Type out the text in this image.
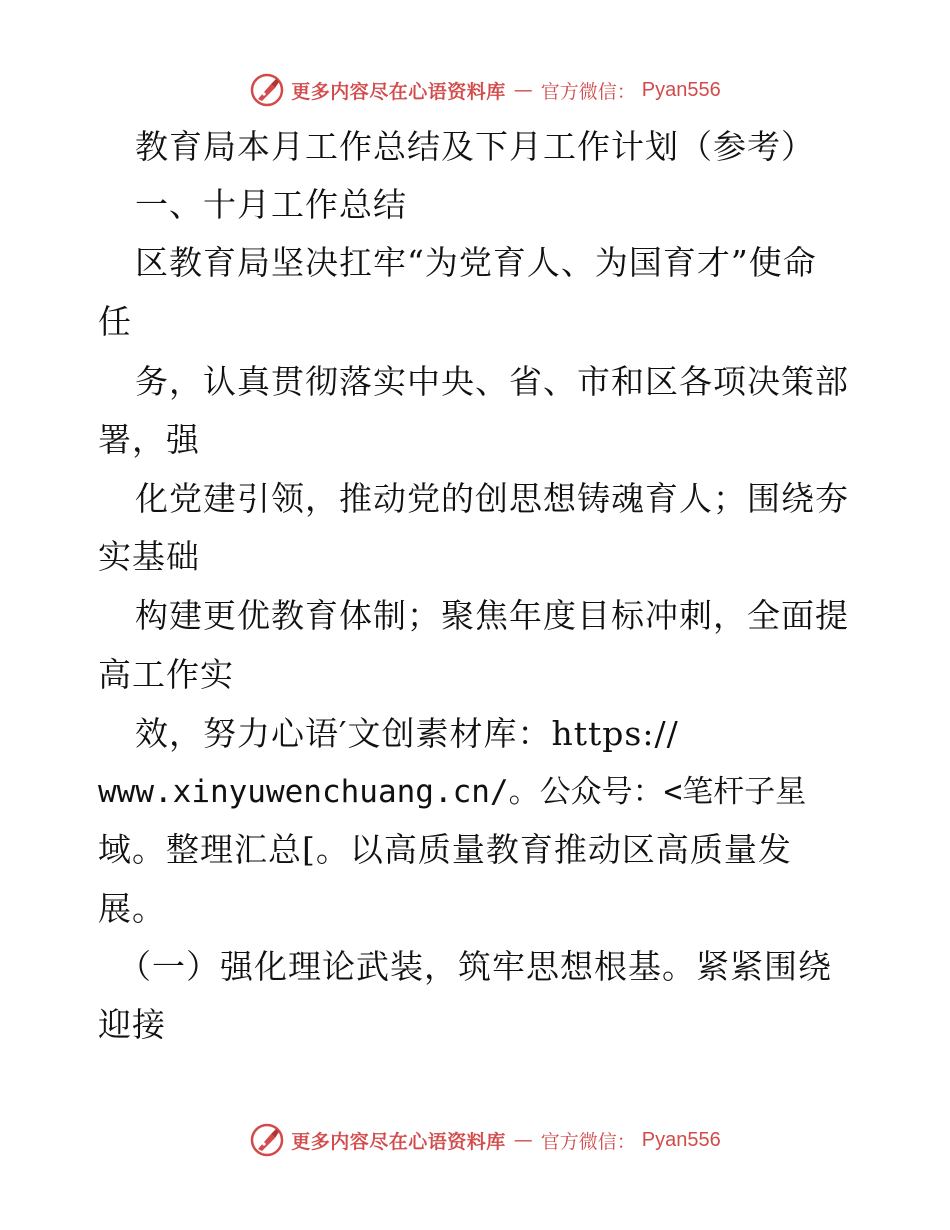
更多内容尽在心语资料库 — 官方微信： Pyan556
教育局本月工作总结及下月工作计划（参考）
一、十月工作总结
区教育局坚决扛牢“为党育人、为国育才”使命
任
务，认真贯彻落实中央、省、市和区各项决策部
署，强
化党建引领，推动党的创思想铸魂育人；围绕夯
实基础
构建更优教育体制；聚焦年度目标冲刺，全面提
高工作实
效，努力心语′文创素材库：https://
www.xinyuwenchuang.cn/。公众号：<笔杆子星
域。整理汇总[。以高质量教育推动区高质量发
展。
（一）强化理论武装，筑牢思想根基。紧紧围绕
迎接
更多内容尽在心语资料库 — 官方微信： Pyan556
